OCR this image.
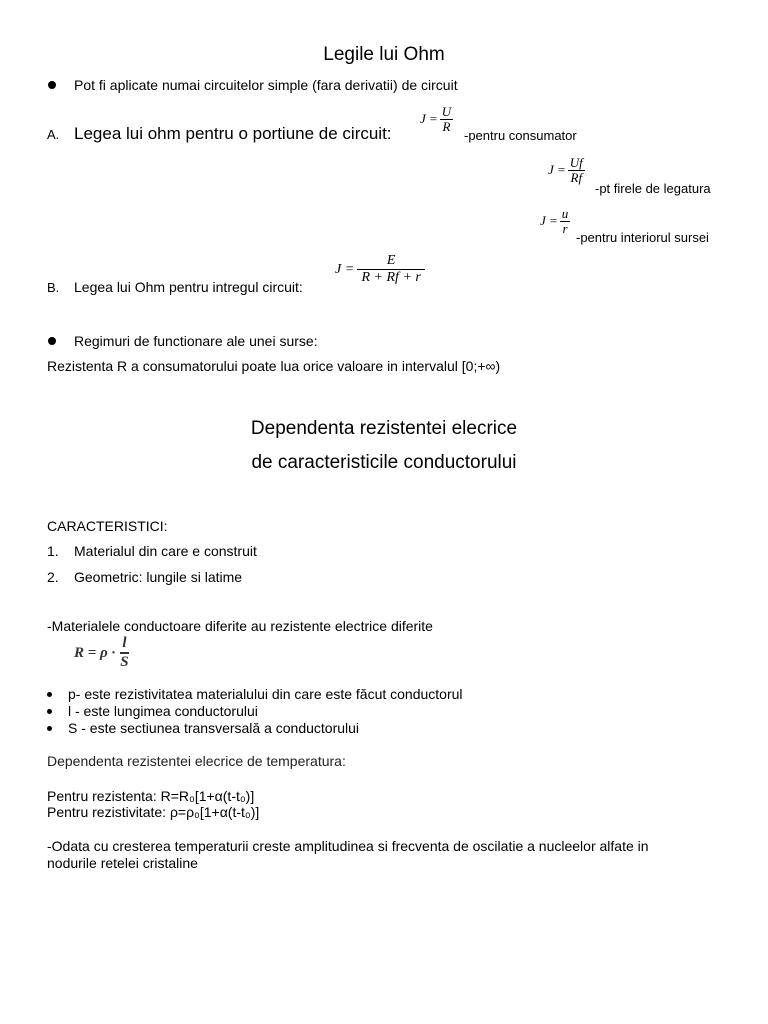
Legile lui Ohm
Pot fi aplicate numai circuitelor simple (fara derivatii) de circuit
A. Legea lui ohm pentru o portiune de circuit:
$J = \frac{U}{R}$
-pentru consumator
$J = \frac{Uf}{Rf}$
-pt firele de legatura
$J = \frac{u}{r}$
-pentru interiorul sursei
B. Legea lui Ohm pentru intregul circuit:
$J = \frac{E}{R + Rf + r}$
Regimuri de functionare ale unei surse:
Rezistenta R a consumatorului poate lua orice valoare in intervalul [0;+∞)
Dependenta rezistentei elecrice
de caracteristicile conductorului
CARACTERISTICI:
1. Materialul din care e construit
2. Geometric: lungile si latime
-Materialele conductoare diferite au rezistente electrice diferite
$R = \rho \cdot \frac{l}{S}$
p- este rezistivitatea materialului din care este făcut conductorul
l - este lungimea conductorului
S - este sectiunea transversală a conductorului
Dependenta rezistentei elecrice de temperatura:
Pentru rezistenta: R=R₀[1+α(t-t₀)]
Pentru rezistivitate: ρ=ρ₀[1+α(t-t₀)]
-Odata cu cresterea temperaturii creste amplitudinea si frecventa de oscilatie a nucleelor alfate in
nodurile retelei cristaline
